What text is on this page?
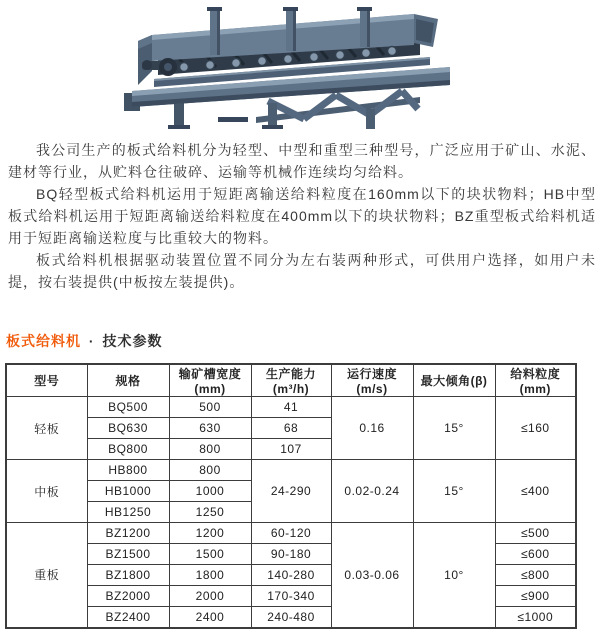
我公司生产的板式给料机分为轻型、中型和重型三种型号，广泛应用于矿山、水泥、建材等行业，从贮料仓往破碎、运输等机械作连续均匀给料。

BQ轻型板式给料机运用于短距离输送给料粒度在160mm以下的块状物料；HB中型板式给料机运用于短距离输送给料粒度在400mm以下的块状物料；BZ重型板式给料机适用于短距离输送粒度与比重较大的物料。

板式给料机根据驱动装置位置不同分为左右装两种形式，可供用户选择，如用户未提，按右装提供(中板按左装提供)。

板式给料机 · 技术参数
型号	规格	输矿槽宽度(mm)	生产能力(m³/h)	运行速度(m/s)	最大倾角(β)	给料粒度(mm)
轻板	BQ500	500	41	0.16	15°	≤160
	BQ630	630	68			
	BQ800	800	107			
中板	HB800	800	24-290	0.02-0.24	15°	≤400
	HB1000	1000				
	HB1250	1250				
重板	BZ1200	1200	60-120	0.03-0.06	10°	≤500
	BZ1500	1500	90-180			≤600
	BZ1800	1800	140-280			≤800
	BZ2000	2000	170-340			≤900
	BZ2400	2400	240-480			≤1000
